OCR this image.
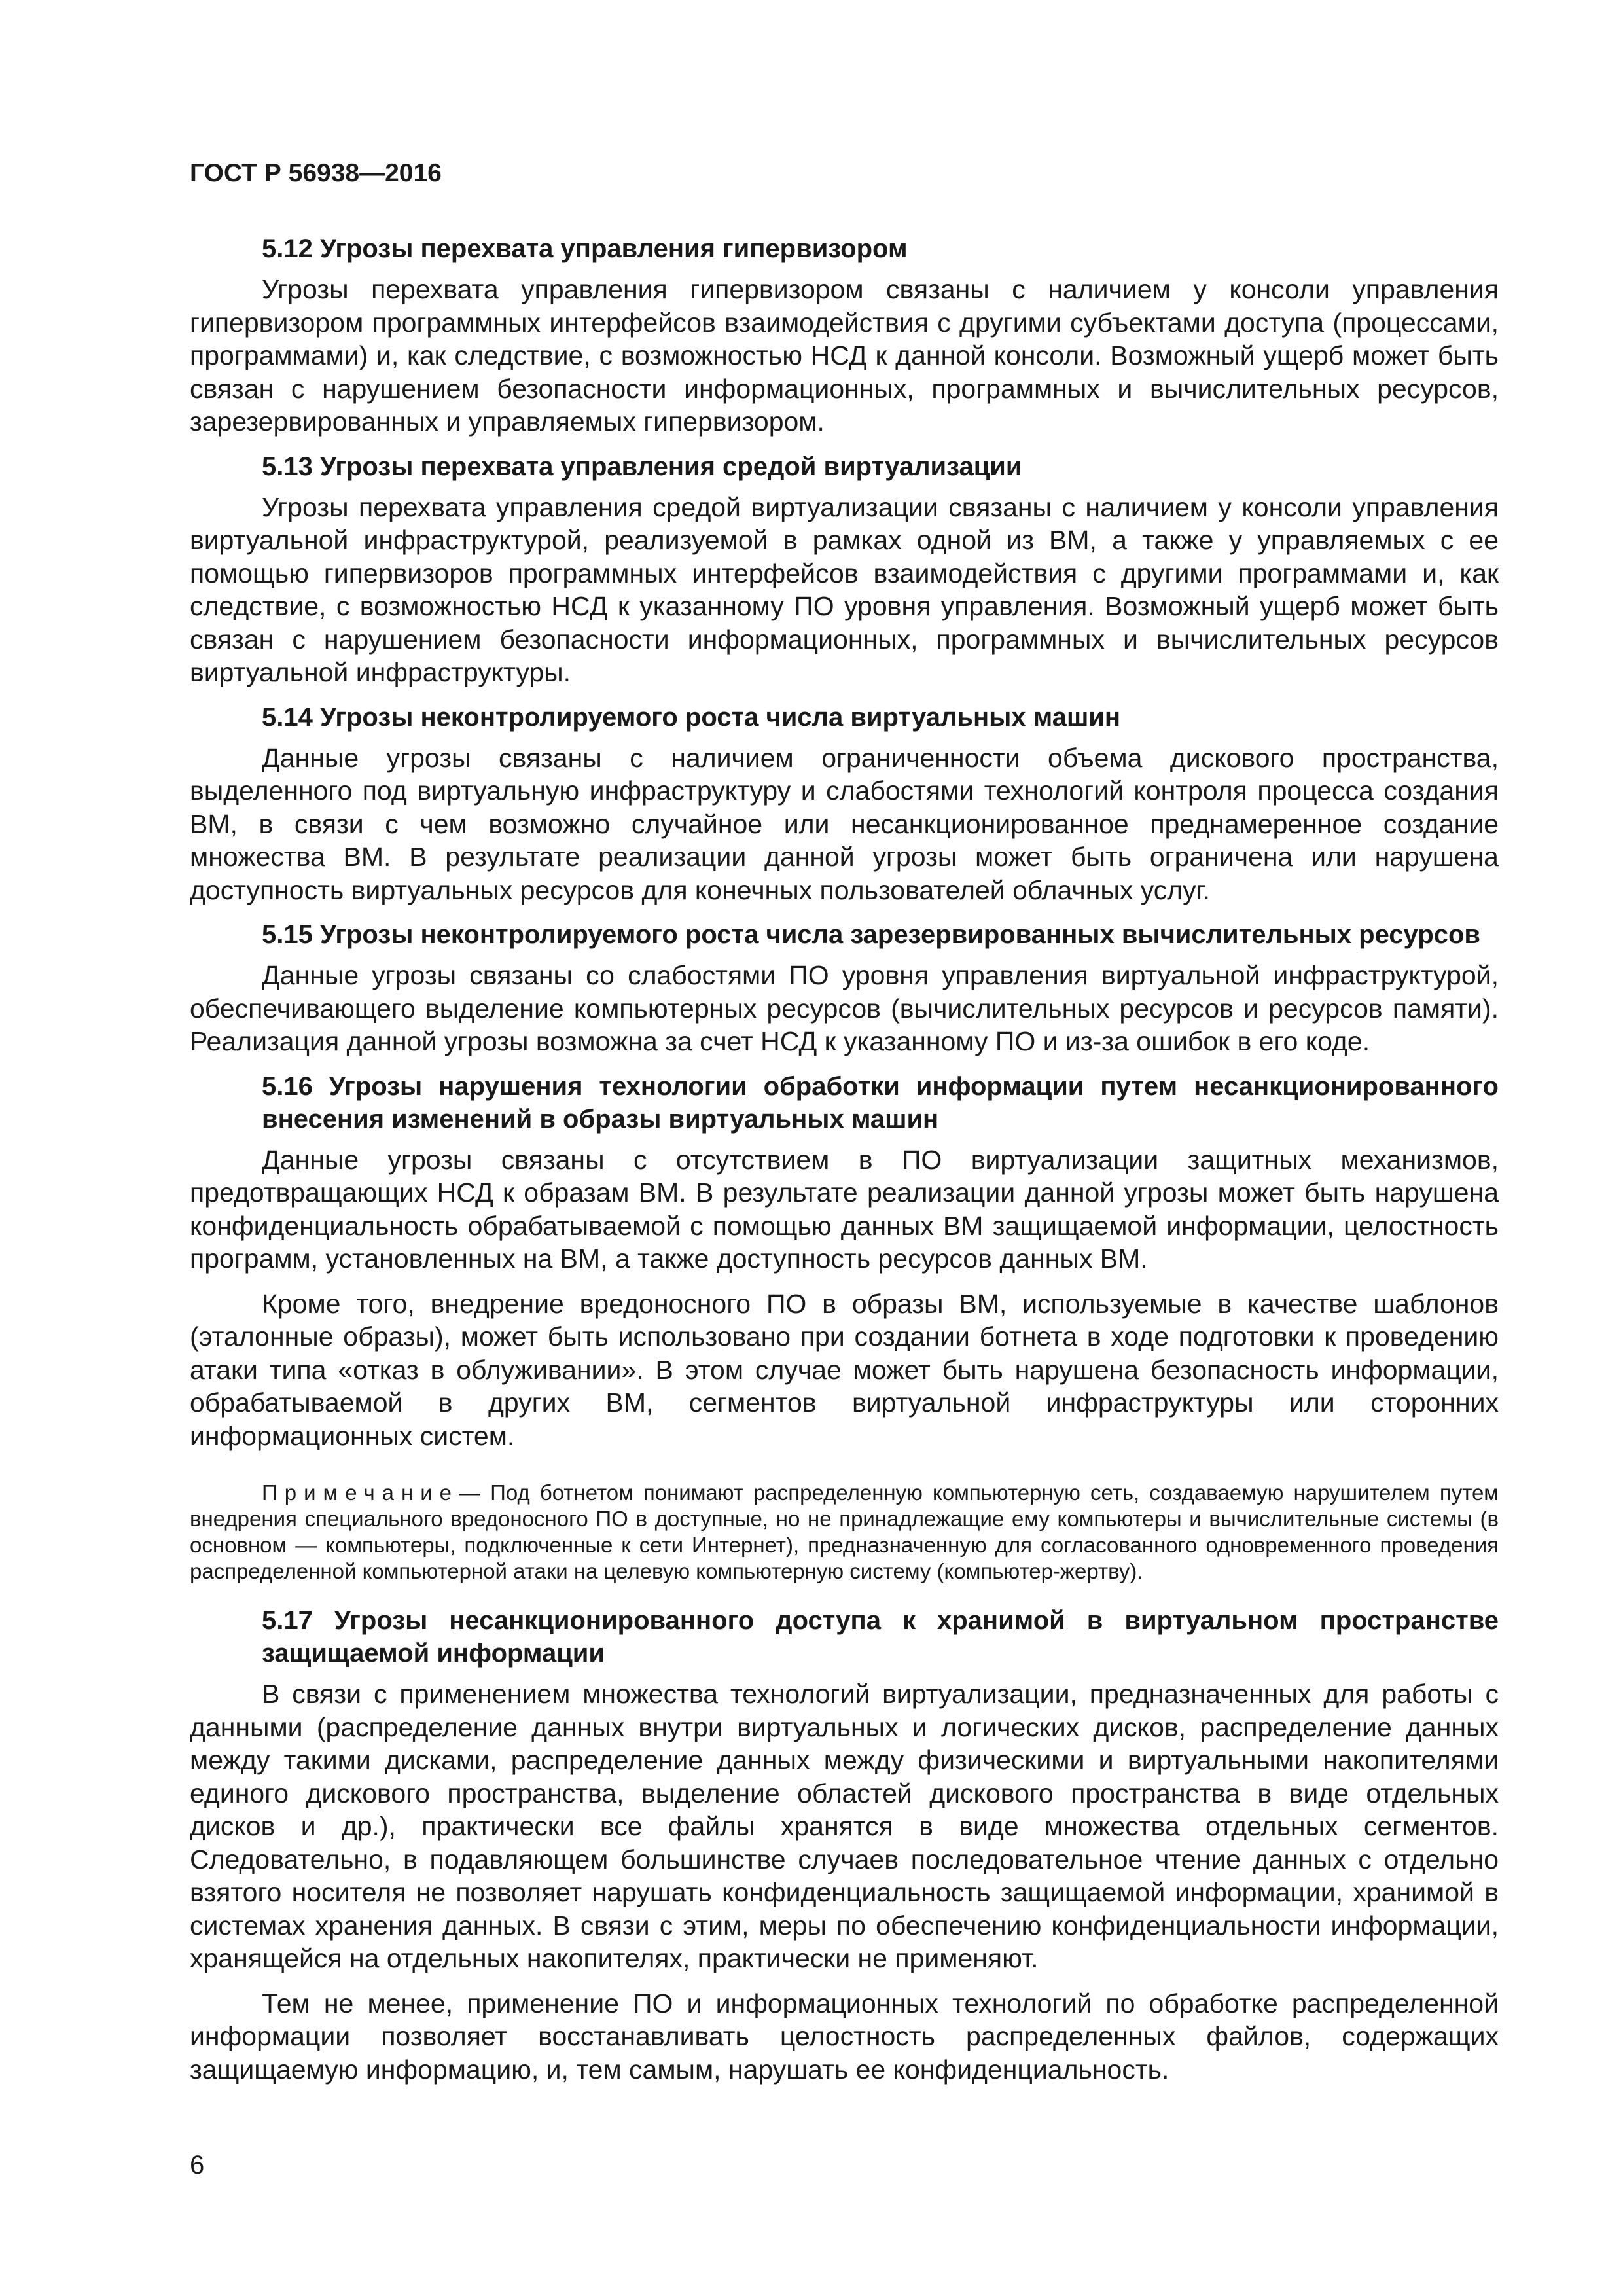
ГОСТ Р 56938—2016
5.12 Угрозы перехвата управления гипервизором

Угрозы перехвата управления гипервизором связаны с наличием у консоли управления гипервизором программных интерфейсов взаимодействия с другими субъектами доступа (процессами, программами) и, как следствие, с возможностью НСД к данной консоли. Возможный ущерб может быть связан с нарушением безопасности информационных, программных и вычислительных ресурсов, зарезервированных и управляемых гипервизором.

5.13 Угрозы перехвата управления средой виртуализации

Угрозы перехвата управления средой виртуализации связаны с наличием у консоли управления виртуальной инфраструктурой, реализуемой в рамках одной из ВМ, а также у управляемых с ее помощью гипервизоров программных интерфейсов взаимодействия с другими программами и, как следствие, с возможностью НСД к указанному ПО уровня управления. Возможный ущерб может быть связан с нарушением безопасности информационных, программных и вычислительных ресурсов виртуальной инфраструктуры.

5.14 Угрозы неконтролируемого роста числа виртуальных машин

Данные угрозы связаны с наличием ограниченности объема дискового пространства, выделенного под виртуальную инфраструктуру и слабостями технологий контроля процесса создания ВМ, в связи с чем возможно случайное или несанкционированное преднамеренное создание множества ВМ. В результате реализации данной угрозы может быть ограничена или нарушена доступность виртуальных ресурсов для конечных пользователей облачных услуг.

5.15 Угрозы неконтролируемого роста числа зарезервированных вычислительных ресурсов

Данные угрозы связаны со слабостями ПО уровня управления виртуальной инфраструктурой, обеспечивающего выделение компьютерных ресурсов (вычислительных ресурсов и ресурсов памяти). Реализация данной угрозы возможна за счет НСД к указанному ПО и из-за ошибок в его коде.

5.16 Угрозы нарушения технологии обработки информации путем несанкционированного внесения изменений в образы виртуальных машин

Данные угрозы связаны с отсутствием в ПО виртуализации защитных механизмов, предотвращающих НСД к образам ВМ. В результате реализации данной угрозы может быть нарушена конфиденциальность обрабатываемой с помощью данных ВМ защищаемой информации, целостность программ, установленных на ВМ, а также доступность ресурсов данных ВМ.

Кроме того, внедрение вредоносного ПО в образы ВМ, используемые в качестве шаблонов (эталонные образы), может быть использовано при создании ботнета в ходе подготовки к проведению атаки типа «отказ в облуживании». В этом случае может быть нарушена безопасность информации, обрабатываемой в других ВМ, сегментов виртуальной инфраструктуры или сторонних информационных систем.

Примечание— Под ботнетом понимают распределенную компьютерную сеть, создаваемую нарушителем путем внедрения специального вредоносного ПО в доступные, но не принадлежащие ему компьютеры и вычислительные системы (в основном — компьютеры, подключенные к сети Интернет), предназначенную для согласованного одновременного проведения распределенной компьютерной атаки на целевую компьютерную систему (компьютер-жертву).

5.17 Угрозы несанкционированного доступа к хранимой в виртуальном пространстве защищаемой информации

В связи с применением множества технологий виртуализации, предназначенных для работы с данными (распределение данных внутри виртуальных и логических дисков, распределение данных между такими дисками, распределение данных между физическими и виртуальными накопителями единого дискового пространства, выделение областей дискового пространства в виде отдельных дисков и др.), практически все файлы хранятся в виде множества отдельных сегментов. Следовательно, в подавляющем большинстве случаев последовательное чтение данных с отдельно взятого носителя не позволяет нарушать конфиденциальность защищаемой информации, хранимой в системах хранения данных. В связи с этим, меры по обеспечению конфиденциальности информации, хранящейся на отдельных накопителях, практически не применяют.

Тем не менее, применение ПО и информационных технологий по обработке распределенной информации позволяет восстанавливать целостность распределенных файлов, содержащих защищаемую информацию, и, тем самым, нарушать ее конфиденциальность.

6
